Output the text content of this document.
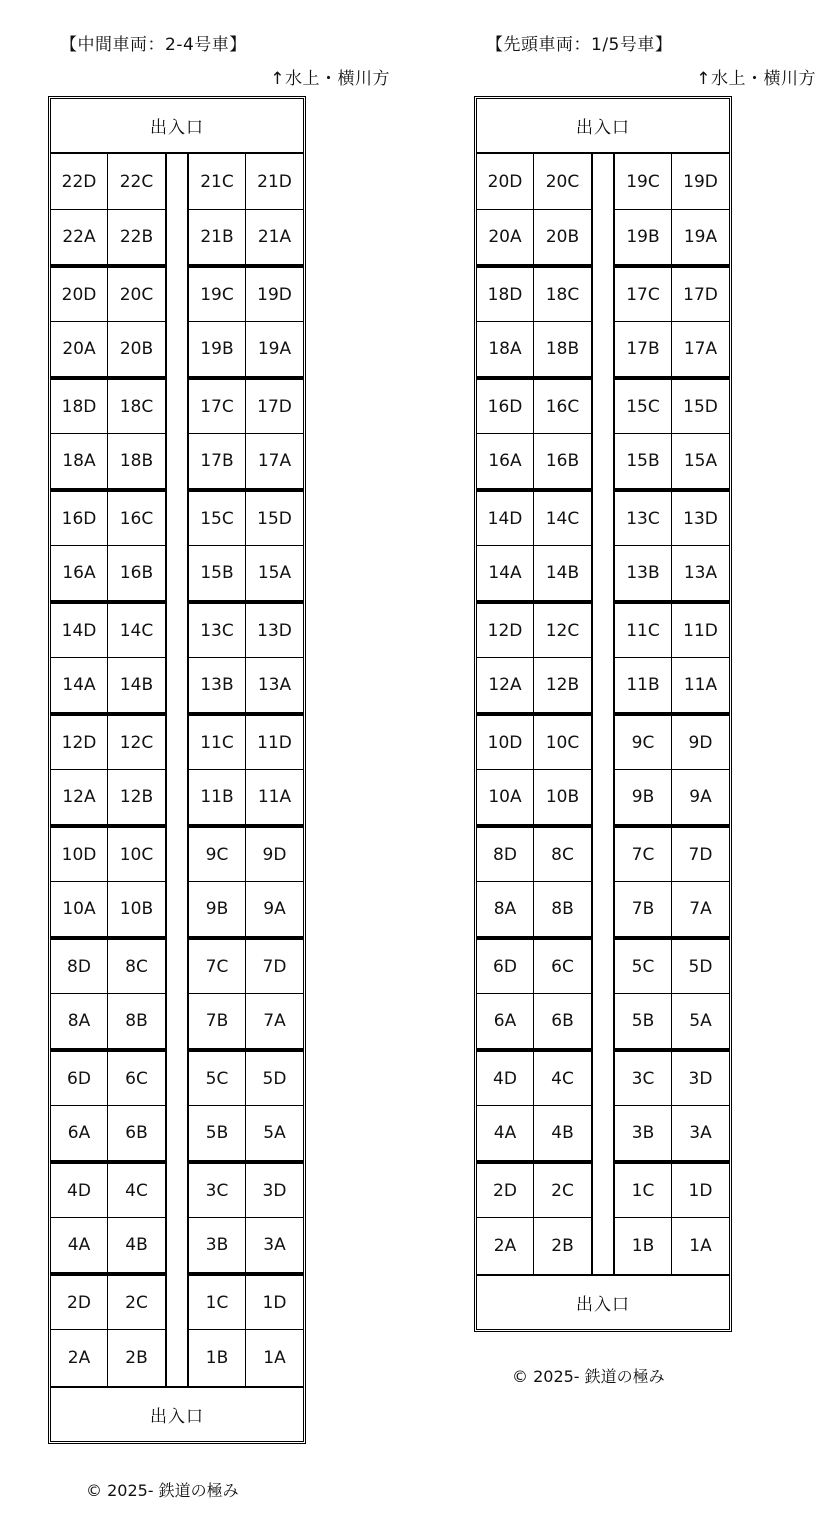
【中間車両：2-4号車】
↑水上・横川方
出入口
22D	22C	21C	21D
22A	22B	21B	21A
20D	20C	19C	19D
20A	20B	19B	19A
18D	18C	17C	17D
18A	18B	17B	17A
16D	16C	15C	15D
16A	16B	15B	15A
14D	14C	13C	13D
14A	14B	13B	13A
12D	12C	11C	11D
12A	12B	11B	11A
10D	10C	9C	9D
10A	10B	9B	9A
8D	8C	7C	7D
8A	8B	7B	7A
6D	6C	5C	5D
6A	6B	5B	5A
4D	4C	3C	3D
4A	4B	3B	3A
2D	2C	1C	1D
2A	2B	1B	1A
出入口
© 2025- 鉄道の極み
【先頭車両：1/5号車】
↑水上・横川方
出入口
20D	20C	19C	19D
20A	20B	19B	19A
18D	18C	17C	17D
18A	18B	17B	17A
16D	16C	15C	15D
16A	16B	15B	15A
14D	14C	13C	13D
14A	14B	13B	13A
12D	12C	11C	11D
12A	12B	11B	11A
10D	10C	9C	9D
10A	10B	9B	9A
8D	8C	7C	7D
8A	8B	7B	7A
6D	6C	5C	5D
6A	6B	5B	5A
4D	4C	3C	3D
4A	4B	3B	3A
2D	2C	1C	1D
2A	2B	1B	1A
出入口
© 2025- 鉄道の極み
